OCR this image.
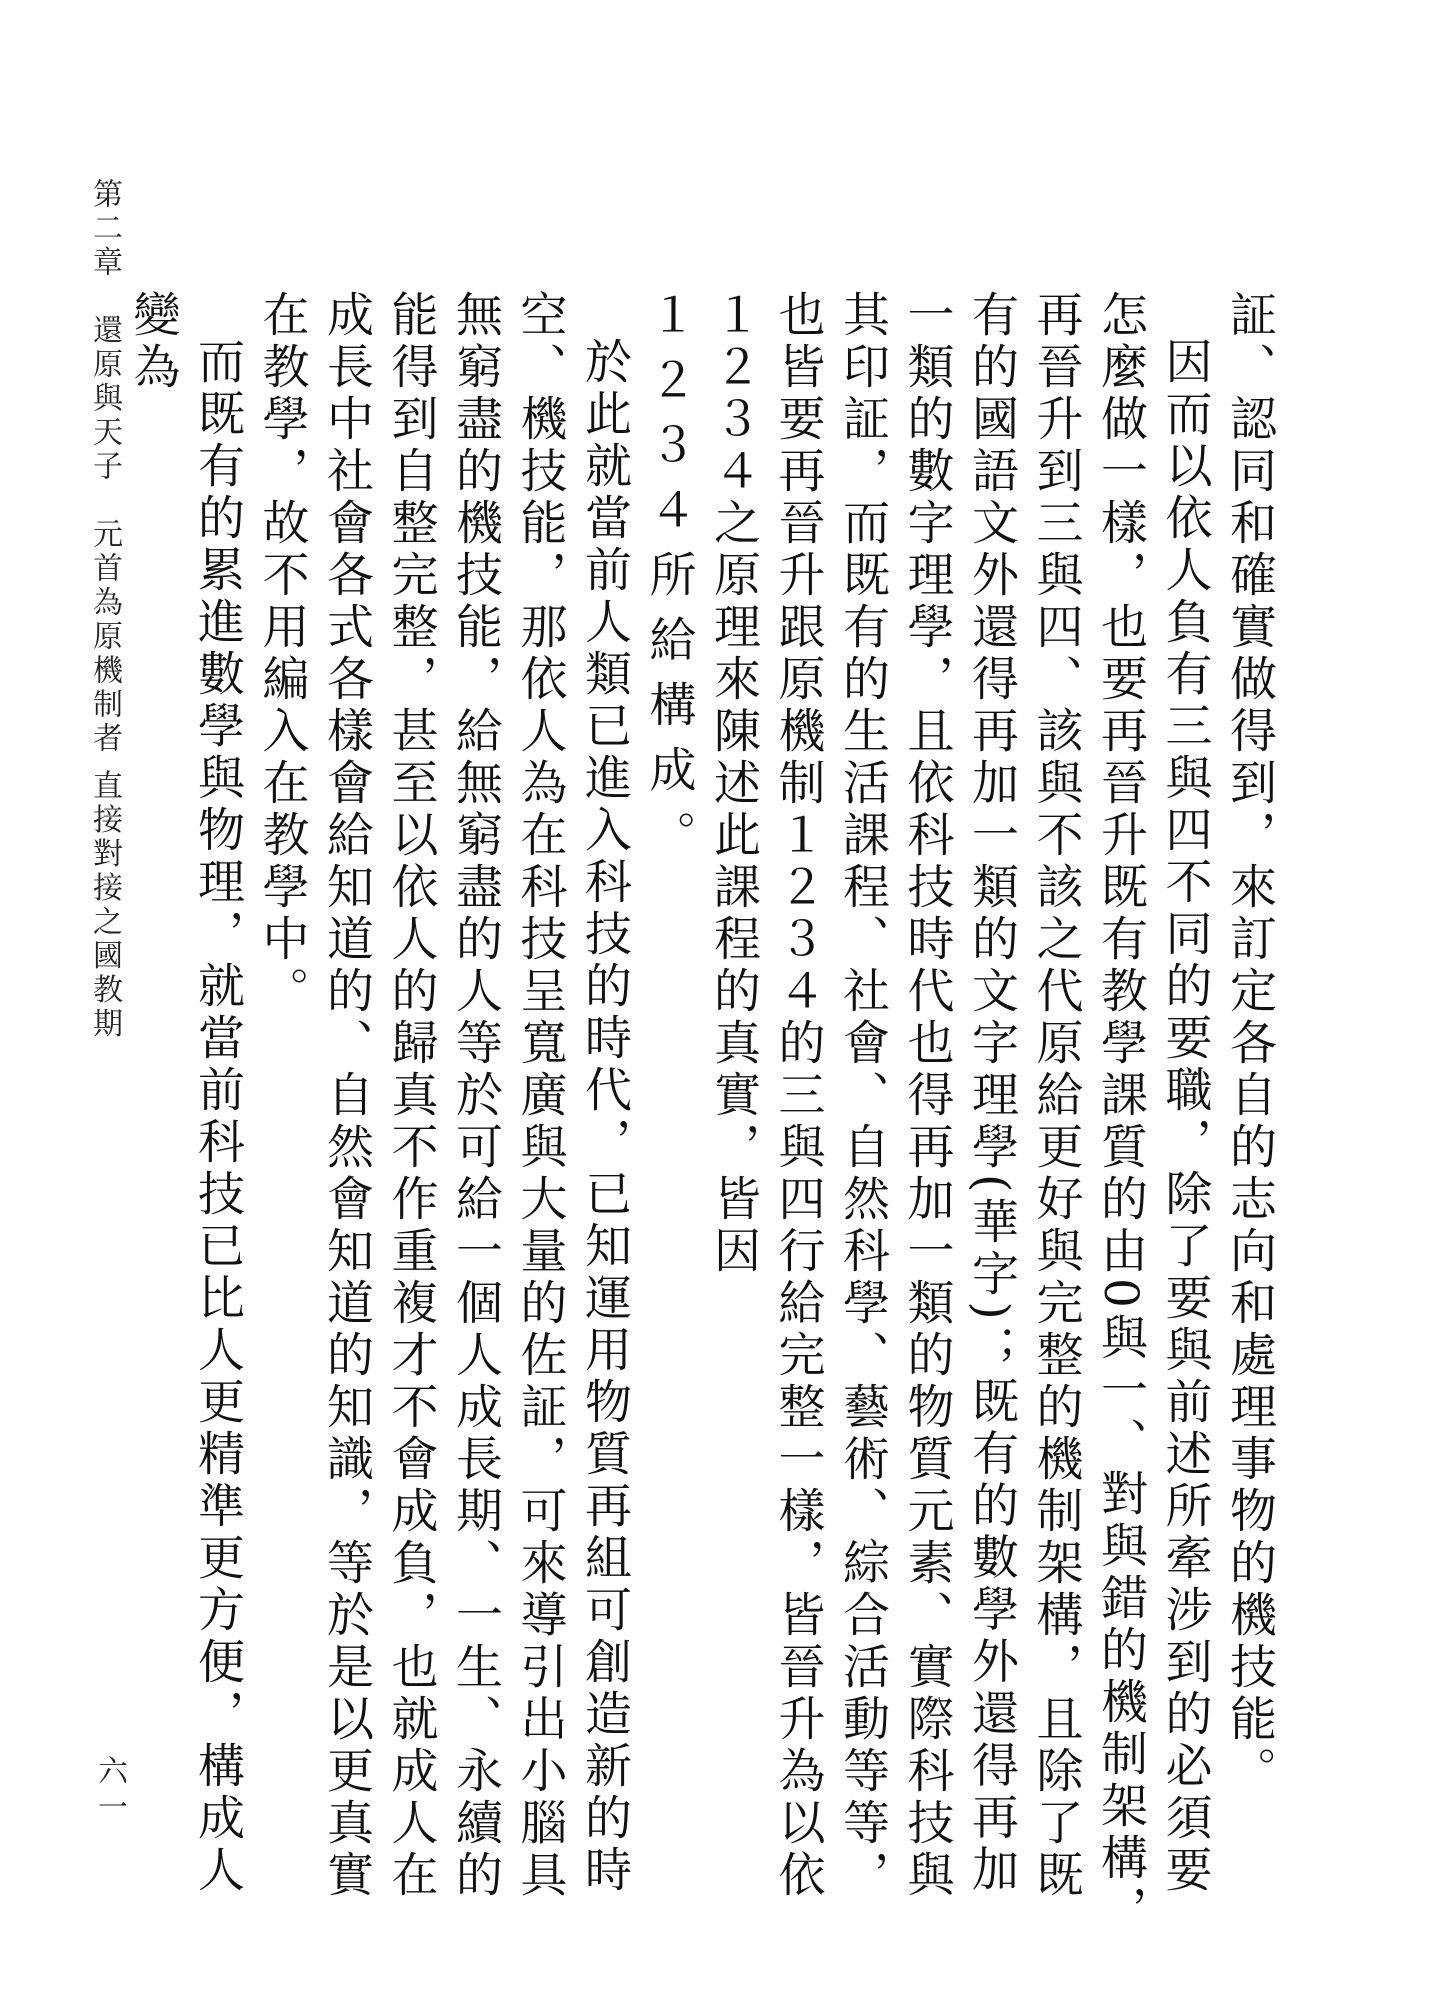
第二章　還原與天子　元首為原機制者 直接對接之國教期
六一	証、認同和確實做得到，來訂定各自的志向和處理事物的機技能。

因而以依人負有三與四不同的要職，除了要與前述所牽涉到的必須要怎麼做一樣，也要再晉升既有教學課質的由0與一、對與錯的機制架構，再晉升到三與四、該與不該之代原給更好與完整的機制架構，且除了既有的國語文外還得再加一類的文字理學(華字)；既有的數學外還得再加一類的數字理學，且依科技時代也得再加一類的物質元素、實際科技與其印証，而既有的生活課程、社會、自然科學、藝術、綜合活動等等，也皆要再晉升跟原機制１２３４的三與四行給完整一樣，皆晉升為以依１２３４之原理來陳述此課程的真實，皆因

１２３４所給構成。

於此就當前人類已進入科技的時代，已知運用物質再組可創造新的時空、機技能，那依人為在科技呈寬廣與大量的佐証，可來導引出小腦具無窮盡的機技能，給無窮盡的人等於可給一個人成長期、一生、永續的能得到自整完整，甚至以依人的歸真不作重複才不會成負，也就成人在成長中社會各式各樣會給知道的、自然會知道的知識，等於是以更真實在教學，故不用編入在教學中。

而既有的累進數學與物理，就當前科技已比人更精準更方便，構成人變為
